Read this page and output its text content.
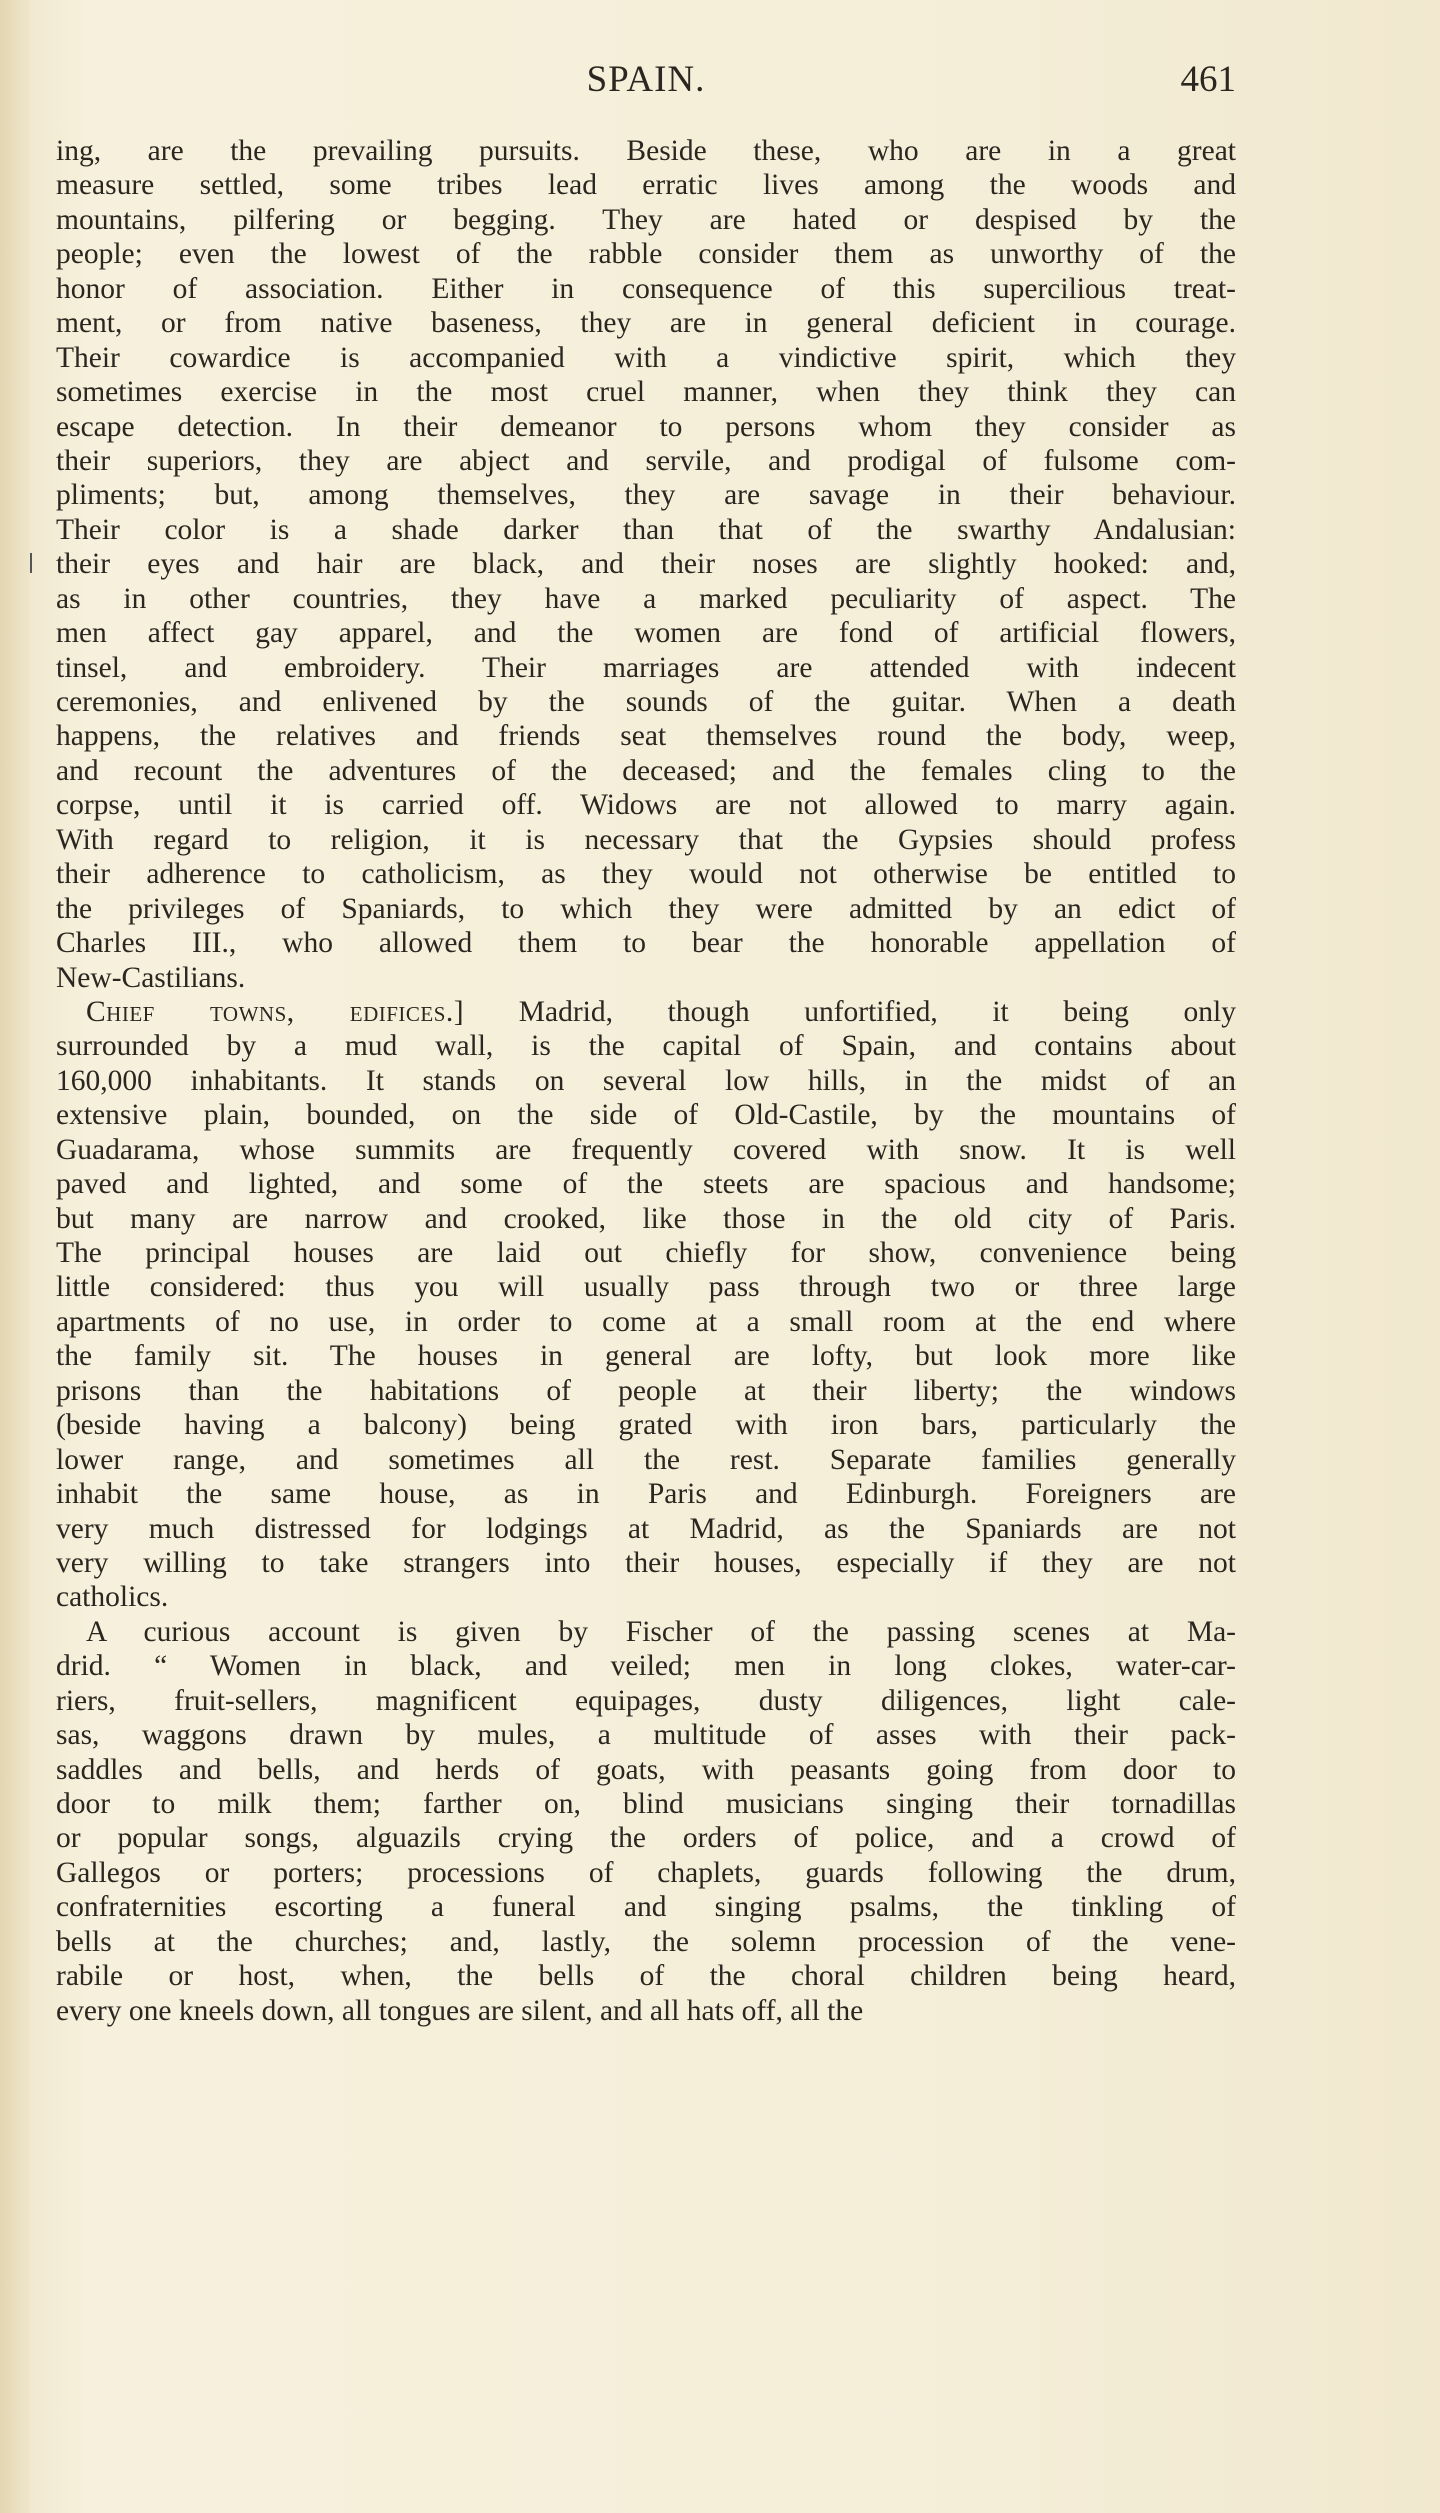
SPAIN.	461
ing, are the prevailing pursuits. Beside these, who are in a great
measure settled, some tribes lead erratic lives among the woods and
mountains, pilfering or begging. They are hated or despised by the
people; even the lowest of the rabble consider them as unworthy of the
honor of association. Either in consequence of this supercilious treat-
ment, or from native baseness, they are in general deficient in courage.
Their cowardice is accompanied with a vindictive spirit, which they
sometimes exercise in the most cruel manner, when they think they can
escape detection. In their demeanor to persons whom they consider as
their superiors, they are abject and servile, and prodigal of fulsome com-
pliments; but, among themselves, they are savage in their behaviour.
Their color is a shade darker than that of the swarthy Andalusian:
their eyes and hair are black, and their noses are slightly hooked: and,
as in other countries, they have a marked peculiarity of aspect. The
men affect gay apparel, and the women are fond of artificial flowers,
tinsel, and embroidery. Their marriages are attended with indecent
ceremonies, and enlivened by the sounds of the guitar. When a death
happens, the relatives and friends seat themselves round the body, weep,
and recount the adventures of the deceased; and the females cling to the
corpse, until it is carried off. Widows are not allowed to marry again.
With regard to religion, it is necessary that the Gypsies should profess
their adherence to catholicism, as they would not otherwise be entitled to
the privileges of Spaniards, to which they were admitted by an edict of
Charles III., who allowed them to bear the honorable appellation of
New-Castilians.
Chief towns, edifices.] Madrid, though unfortified, it being only
surrounded by a mud wall, is the capital of Spain, and contains about
160,000 inhabitants. It stands on several low hills, in the midst of an
extensive plain, bounded, on the side of Old-Castile, by the mountains of
Guadarama, whose summits are frequently covered with snow. It is well
paved and lighted, and some of the steets are spacious and handsome;
but many are narrow and crooked, like those in the old city of Paris.
The principal houses are laid out chiefly for show, convenience being
little considered: thus you will usually pass through two or three large
apartments of no use, in order to come at a small room at the end where
the family sit. The houses in general are lofty, but look more like
prisons than the habitations of people at their liberty; the windows
(beside having a balcony) being grated with iron bars, particularly the
lower range, and sometimes all the rest. Separate families generally
inhabit the same house, as in Paris and Edinburgh. Foreigners are
very much distressed for lodgings at Madrid, as the Spaniards are not
very willing to take strangers into their houses, especially if they are not
catholics.
A curious account is given by Fischer of the passing scenes at Ma-
drid. “ Women in black, and veiled; men in long clokes, water-car-
riers, fruit-sellers, magnificent equipages, dusty diligences, light cale-
sas, waggons drawn by mules, a multitude of asses with their pack-
saddles and bells, and herds of goats, with peasants going from door to
door to milk them; farther on, blind musicians singing their tornadillas
or popular songs, alguazils crying the orders of police, and a crowd of
Gallegos or porters; processions of chaplets, guards following the drum,
confraternities escorting a funeral and singing psalms, the tinkling of
bells at the churches; and, lastly, the solemn procession of the vene-
rabile or host, when, the bells of the choral children being heard,
every one kneels down, all tongues are silent, and all hats off, all the
